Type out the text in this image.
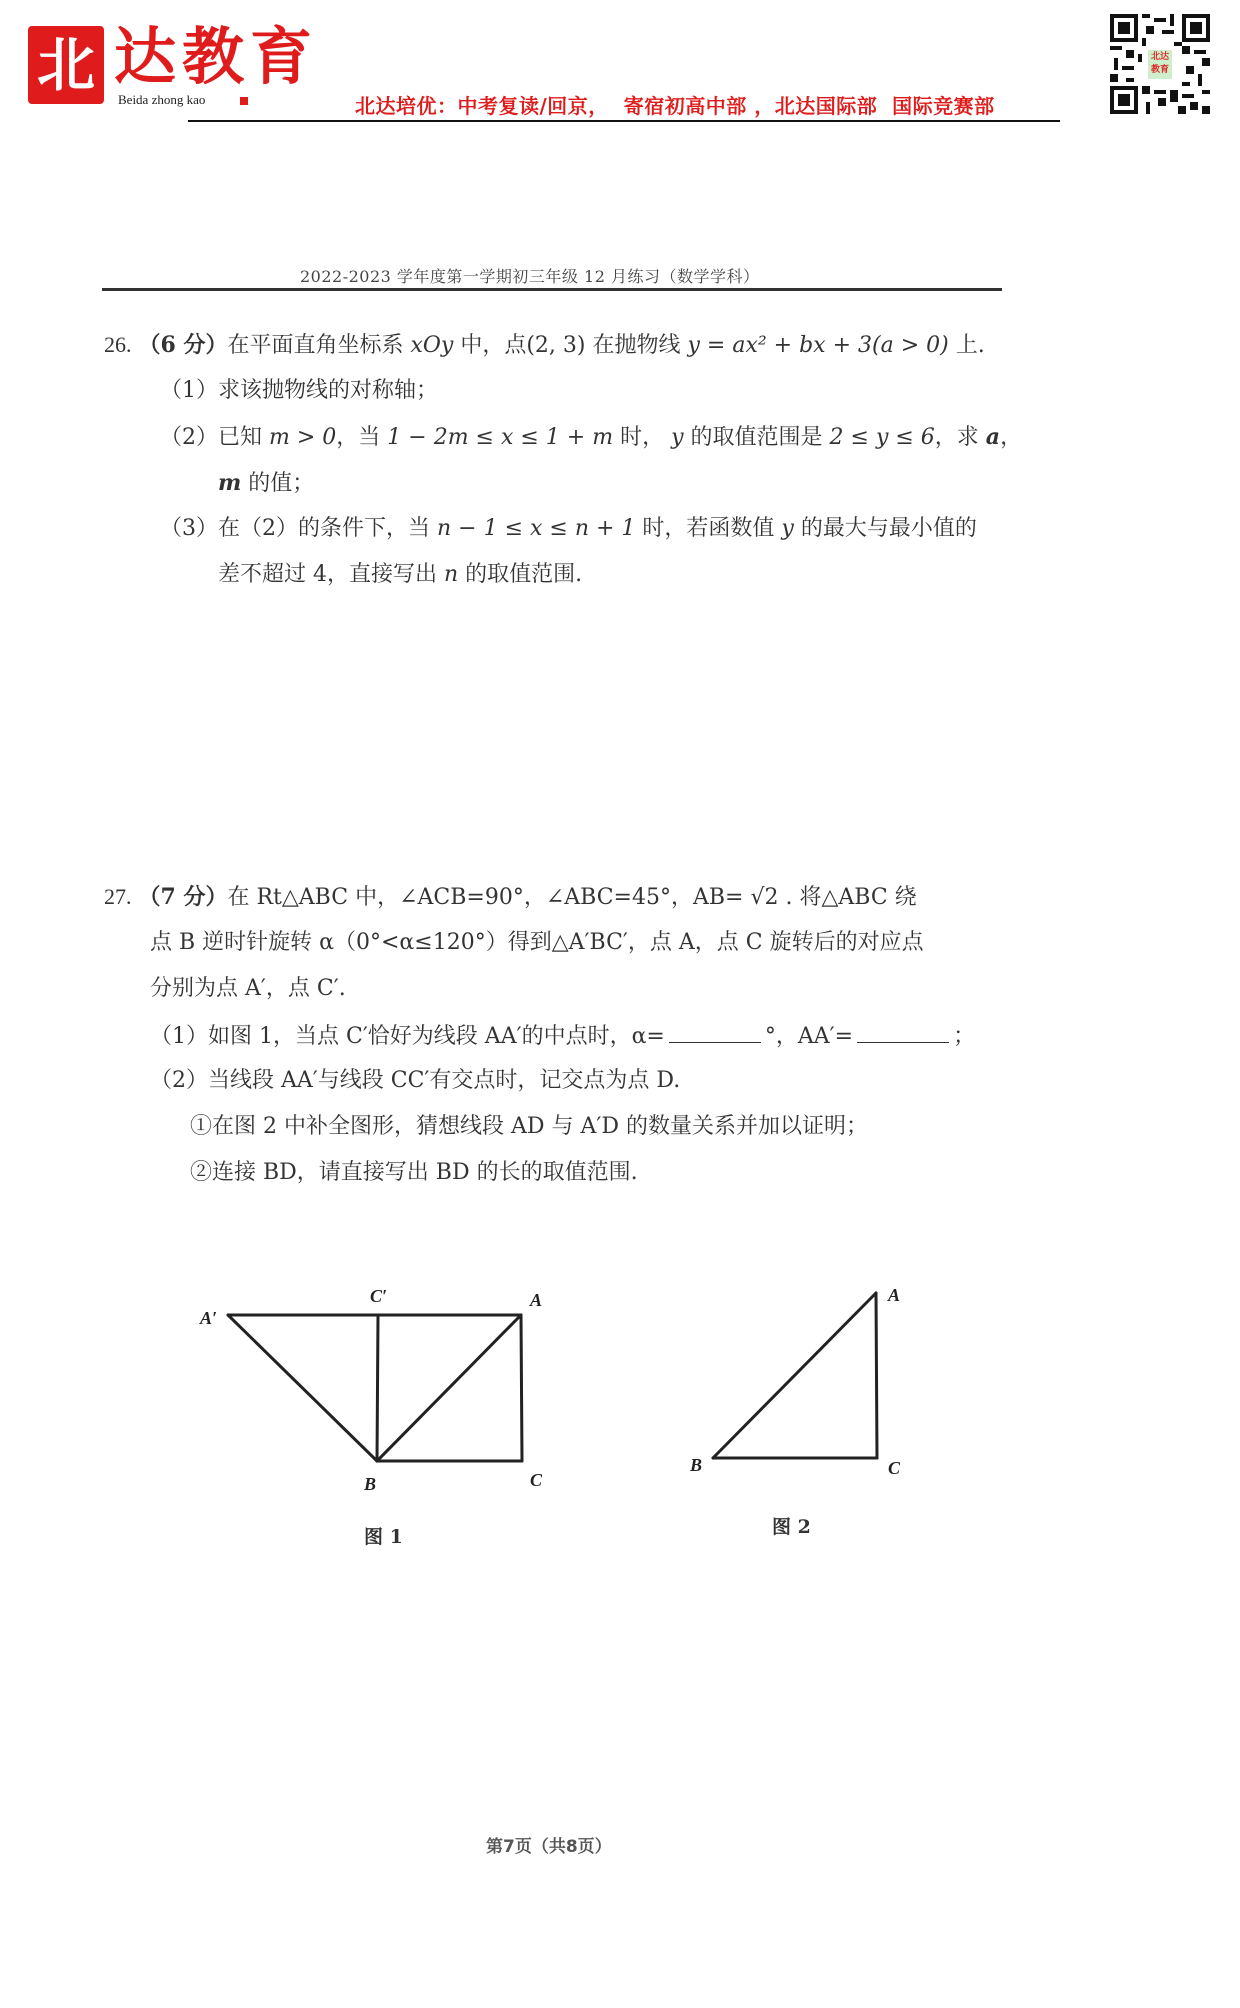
北 达教育
Beida zhong kao	北达培优：中考复读/回京，  寄宿初高中部 ，北达国际部  国际竞赛部
北达教育
2022-2023 学年度第一学期初三年级 12 月练习（数学学科）
26. （6 分）在平面直角坐标系 xOy 中，点(2, 3) 在抛物线 y = ax² + bx + 3(a > 0) 上.
（1）求该抛物线的对称轴；
（2）已知 m > 0，当 1 − 2m ≤ x ≤ 1 + m 时， y 的取值范围是 2 ≤ y ≤ 6，求 a，
m 的值；
（3）在（2）的条件下，当 n − 1 ≤ x ≤ n + 1 时，若函数值 y 的最大与最小值的
差不超过 4，直接写出 n 的取值范围.
27. （7 分）在 Rt△ABC 中，∠ACB=90°，∠ABC=45°，AB= √2 . 将△ABC 绕
点 B 逆时针旋转 α（0°<α≤120°）得到△A′BC′，点 A，点 C 旋转后的对应点
分别为点 A′，点 C′.
（1）如图 1，当点 C′恰好为线段 AA′的中点时，α=	°，AA′=	；
（2）当线段 AA′与线段 CC′有交点时，记交点为点 D.
①在图 2 中补全图形，猜想线段 AD 与 A′D 的数量关系并加以证明；
②连接 BD，请直接写出 BD 的长的取值范围.
A′
C′	A
B	C
图 1
A
B	C
图 2
第7页（共8页）
